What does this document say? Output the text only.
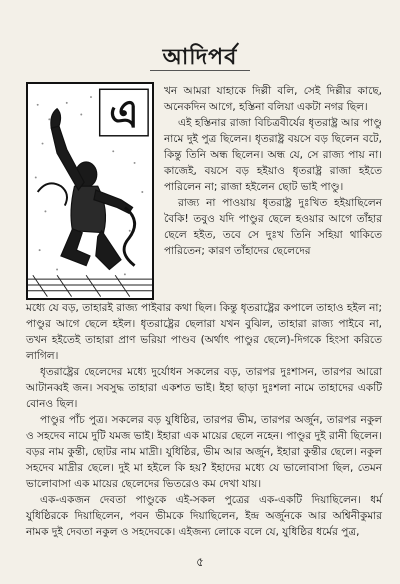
আদিপর্ব
এ

খন আমরা যাহাকে দিল্লী বলি, সেই দিল্লীর কাছে, অনেকদিন আগে, হস্তিনা বলিয়া একটা নগর ছিল।

এই হস্তিনার রাজা বিচিত্রবীর্যের ধৃতরাষ্ট্র আর পাণ্ডু নামে দুই পুত্র ছিলেন। ধৃতরাষ্ট্র বয়সে বড় ছিলেন বটে, কিন্তু তিনি অন্ধ ছিলেন। অন্ধ যে, সে রাজ্য পায় না। কাজেই, বয়সে বড় হইয়াও ধৃতরাষ্ট্র রাজা হইতে পারিলেন না; রাজা হইলেন ছোট ভাই পাণ্ডু।

রাজ্য না পাওয়ায় ধৃতরাষ্ট্র দুঃখিত হইয়াছিলেন বৈকি! তবুও যদি পাণ্ডুর ছেলে হওয়ার আগে তাঁহার ছেলে হইত, তবে সে দুঃখ তিনি সহিয়া থাকিতে পারিতেন; কারণ তাঁহাদের ছেলেদের

মধ্যে যে বড়, তাহারই রাজ্য পাইবার কথা ছিল। কিন্তু ধৃতরাষ্ট্রের কপালে তাহাও হইল না; পাণ্ডুর আগে ছেলে হইল। ধৃতরাষ্ট্রের ছেলারা যখন বুঝিল, তাহারা রাজ্য পাইবে না, তখন হইতেই তাহারা প্রাণ ভরিয়া পাণ্ডব (অর্থাৎ পাণ্ডুর ছেলে)-দিগকে হিংসা করিতে লাগিল।

ধৃতরাষ্ট্রের ছেলেদের মধ্যে দুর্যোধন সকলের বড়, তারপর দুঃশাসন, তারপর আরো আটানব্বই জন। সবসুদ্ধ তাহারা একশত ভাই। ইহা ছাড়া দুঃশলা নামে তাহাদের একটি বোনও ছিল।

পাণ্ডুর পাঁচ পুত্র। সকলের বড় যুধিষ্ঠির, তারপর ভীম, তারপর অর্জুন, তারপর নকুল ও সহদেব নামে দুটি যমজ ভাই। ইহারা এক মায়ের ছেলে নহেন। পাণ্ডুর দুই রানী ছিলেন। বড়র নাম কুন্তী, ছোটর নাম মাদ্রী। যুধিষ্ঠির, ভীম আর অর্জুন, ইহারা কুন্তীর ছেলে। নকুল সহদেব মাদ্রীর ছেলে। দুই মা হইলে কি হয়? ইহাদের মধ্যে যে ভালোবাসা ছিল, তেমন ভালোবাসা এক মায়ের ছেলেদের ভিতরেও কম দেখা যায়।

এক-একজন দেবতা পাণ্ডুকে এই-সকল পুত্রের এক-একটি দিয়াছিলেন। ধর্ম যুধিষ্ঠিরকে দিয়াছিলেন, পবন ভীমকে দিয়াছিলেন, ইন্দ্র অর্জুনকে আর অশ্বিনীকুমার নামক দুই দেবতা নকুল ও সহদেবকে। এইজন্য লোকে বলে যে, যুধিষ্ঠির ধর্মের পুত্র,

৫
